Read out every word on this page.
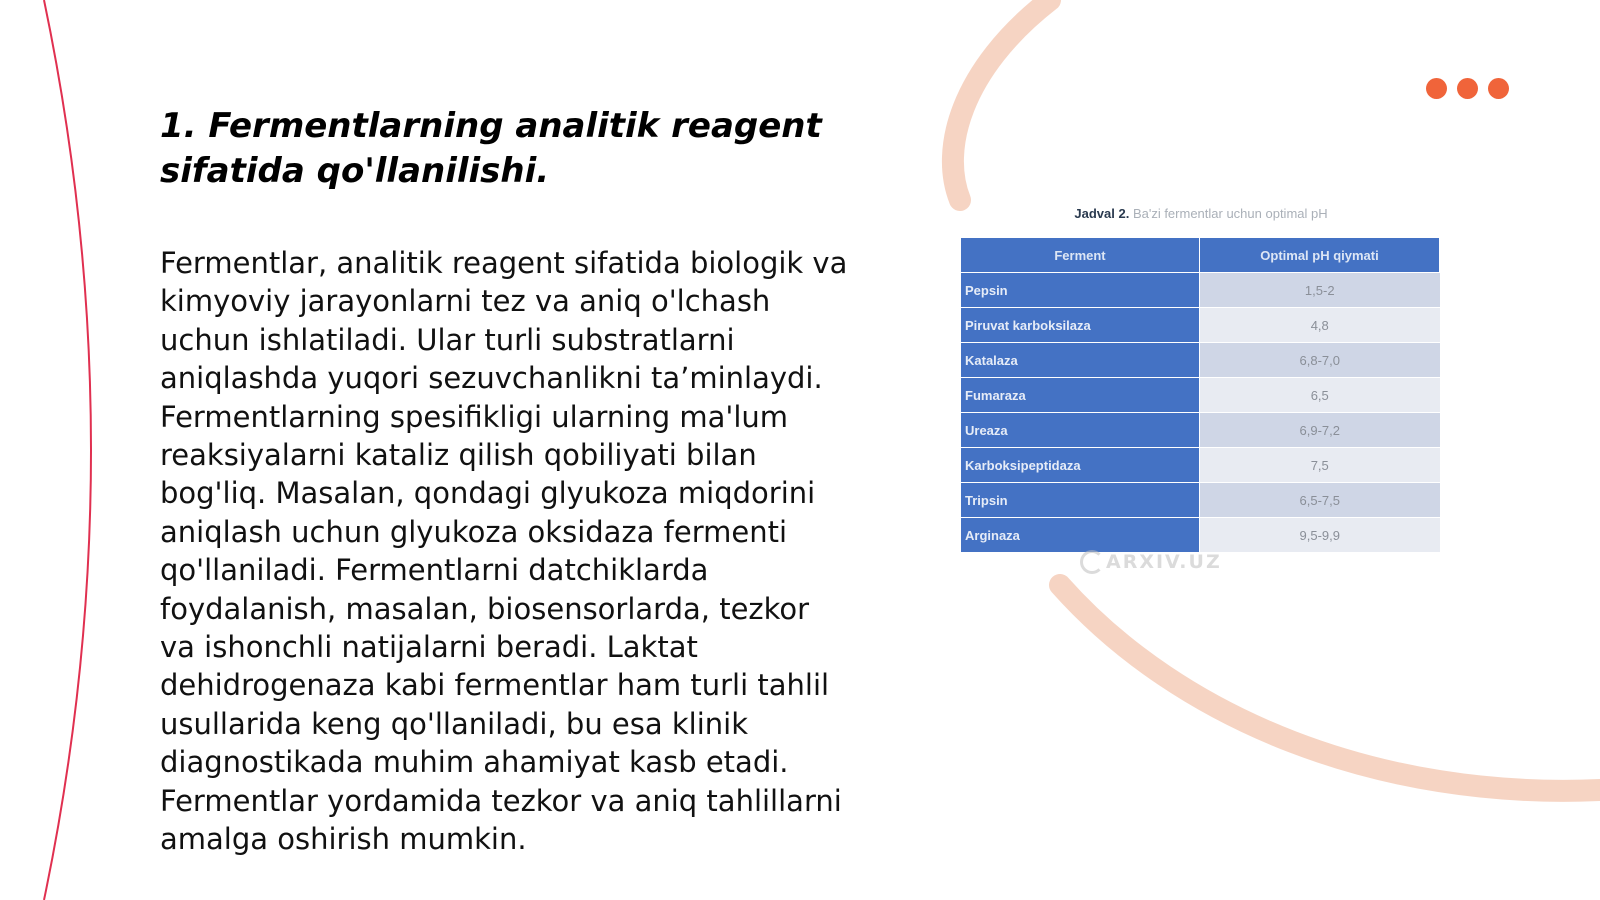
1. Fermentlarning analitik reagent sifatida qo'llanilishi.

Fermentlar, analitik reagent sifatida biologik va kimyoviy jarayonlarni tez va aniq o'lchash uchun ishlatiladi. Ular turli substratlarni aniqlashda yuqori sezuvchanlikni ta’minlaydi. Fermentlarning spesifikligi ularning ma'lum reaksiyalarni kataliz qilish qobiliyati bilan bog'liq. Masalan, qondagi glyukoza miqdorini aniqlash uchun glyukoza oksidaza fermenti qo'llaniladi. Fermentlarni datchiklarda foydalanish, masalan, biosensorlarda, tezkor va ishonchli natijalarni beradi. Laktat dehidrogenaza kabi fermentlar ham turli tahlil usullarida keng qo'llaniladi, bu esa klinik diagnostikada muhim ahamiyat kasb etadi. Fermentlar yordamida tezkor va aniq tahlillarni amalga oshirish mumkin.

Jadval 2. Ba'zi fermentlar uchun optimal pH
Ferment	Optimal pH qiymati
Pepsin	1,5-2
Piruvat karboksilaza	4,8
Katalaza	6,8-7,0
Fumaraza	6,5
Ureaza	6,9-7,2
Karboksipeptidaza	7,5
Tripsin	6,5-7,5
Arginaza	9,5-9,9
ARXIV.UZ
